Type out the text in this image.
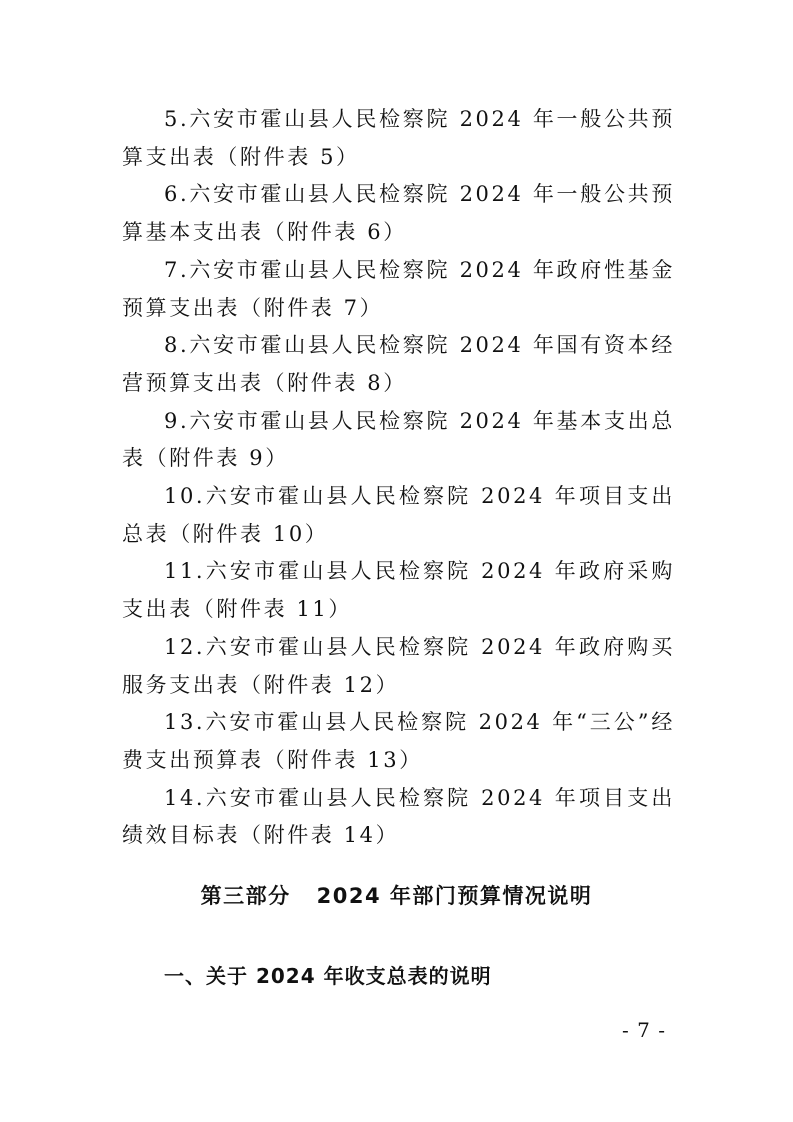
5.六安市霍山县人民检察院 2024 年一般公共预算支出表（附件表 5）
6.六安市霍山县人民检察院 2024 年一般公共预算基本支出表（附件表 6）
7.六安市霍山县人民检察院 2024 年政府性基金预算支出表（附件表 7）
8.六安市霍山县人民检察院 2024 年国有资本经营预算支出表（附件表 8）
9.六安市霍山县人民检察院 2024 年基本支出总表（附件表 9）
10.六安市霍山县人民检察院 2024 年项目支出总表（附件表 10）
11.六安市霍山县人民检察院 2024 年政府采购支出表（附件表 11）
12.六安市霍山县人民检察院 2024 年政府购买服务支出表（附件表 12）
13.六安市霍山县人民检察院 2024 年“三公”经费支出预算表（附件表 13）
14.六安市霍山县人民检察院 2024 年项目支出绩效目标表（附件表 14）
第三部分 2024 年部门预算情况说明
一、关于 2024 年收支总表的说明
- 7 -
